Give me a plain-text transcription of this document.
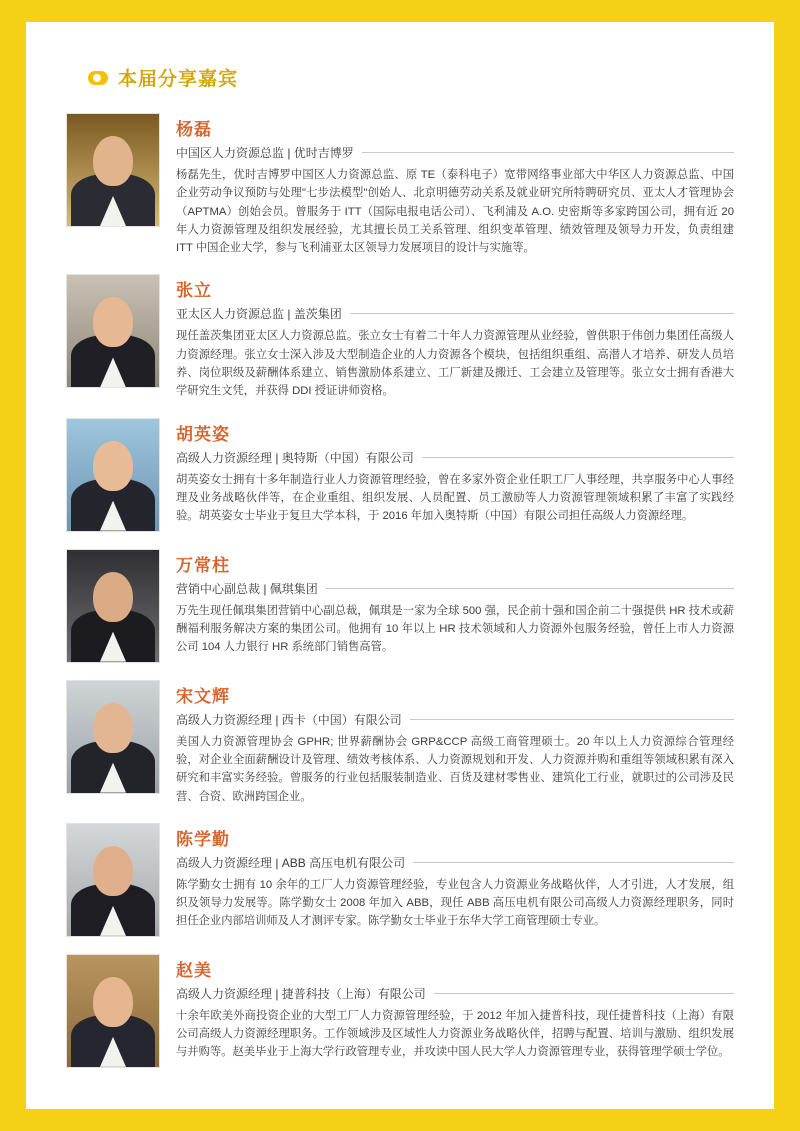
本届分享嘉宾
杨磊
中国区人力资源总监 | 优时吉博罗
杨磊先生，优时吉博罗中国区人力资源总监、原 TE（泰科电子）宽带网络事业部大中华区人力资源总监、中国企业劳动争议预防与处理"七步法模型"创始人、北京明德劳动关系及就业研究所特聘研究员、亚太人才管理协会（APTMA）创始会员。曾服务于 ITT（国际电报电话公司）、飞利浦及 A.O. 史密斯等多家跨国公司，拥有近 20 年人力资源管理及组织发展经验，尤其擅长员工关系管理、组织变革管理、绩效管理及领导力开发，负责组建 ITT 中国企业大学，参与飞利浦亚太区领导力发展项目的设计与实施等。
张立
亚太区人力资源总监 | 盖茨集团
现任盖茨集团亚太区人力资源总监。张立女士有着二十年人力资源管理从业经验，曾供职于伟创力集团任高级人力资源经理。张立女士深入涉及大型制造企业的人力资源各个模块，包括组织重组、高潜人才培养、研发人员培养、岗位职级及薪酬体系建立、销售激励体系建立、工厂新建及搬迁、工会建立及管理等。张立女士拥有香港大学研究生文凭，并获得 DDI 授证讲师资格。
胡英姿
高级人力资源经理 | 奥特斯（中国）有限公司
胡英姿女士拥有十多年制造行业人力资源管理经验，曾在多家外资企业任职工厂人事经理，共享服务中心人事经理及业务战略伙伴等，在企业重组、组织发展、人员配置、员工激励等人力资源管理领域积累了丰富了实践经验。胡英姿女士毕业于复旦大学本科，于 2016 年加入奥特斯（中国）有限公司担任高级人力资源经理。
万常柱
营销中心副总裁 | 佩琪集团
万先生现任佩琪集团营销中心副总裁，佩琪是一家为全球 500 强，民企前十强和国企前二十强提供 HR 技术或薪酬福利服务解决方案的集团公司。他拥有 10 年以上 HR 技术领域和人力资源外包服务经验，曾任上市人力资源公司 104 人力银行 HR 系统部门销售高管。
宋文辉
高级人力资源经理 | 西卡（中国）有限公司
美国人力资源管理协会 GPHR; 世界薪酬协会 GRP&CCP 高级工商管理硕士。20 年以上人力资源综合管理经验，对企业全面薪酬设计及管理、绩效考核体系、人力资源规划和开发、人力资源并购和重组等领域积累有深入研究和丰富实务经验。曾服务的行业包括服装制造业、百货及建材零售业、建筑化工行业，就职过的公司涉及民营、合资、欧洲跨国企业。
陈学勤
高级人力资源经理 | ABB 高压电机有限公司
陈学勤女士拥有 10 余年的工厂人力资源管理经验，专业包含人力资源业务战略伙伴，人才引进，人才发展，组织及领导力发展等。陈学勤女士 2008 年加入 ABB，现任 ABB 高压电机有限公司高级人力资源经理职务，同时担任企业内部培训师及人才测评专家。陈学勤女士毕业于东华大学工商管理硕士专业。
赵美
高级人力资源经理 | 捷普科技（上海）有限公司
十余年欧美外商投资企业的大型工厂人力资源管理经验，于 2012 年加入捷普科技，现任捷普科技（上海）有限公司高级人力资源经理职务。工作领域涉及区域性人力资源业务战略伙伴，招聘与配置、培训与激励、组织发展与并购等。赵美毕业于上海大学行政管理专业，并攻读中国人民大学人力资源管理专业，获得管理学硕士学位。
